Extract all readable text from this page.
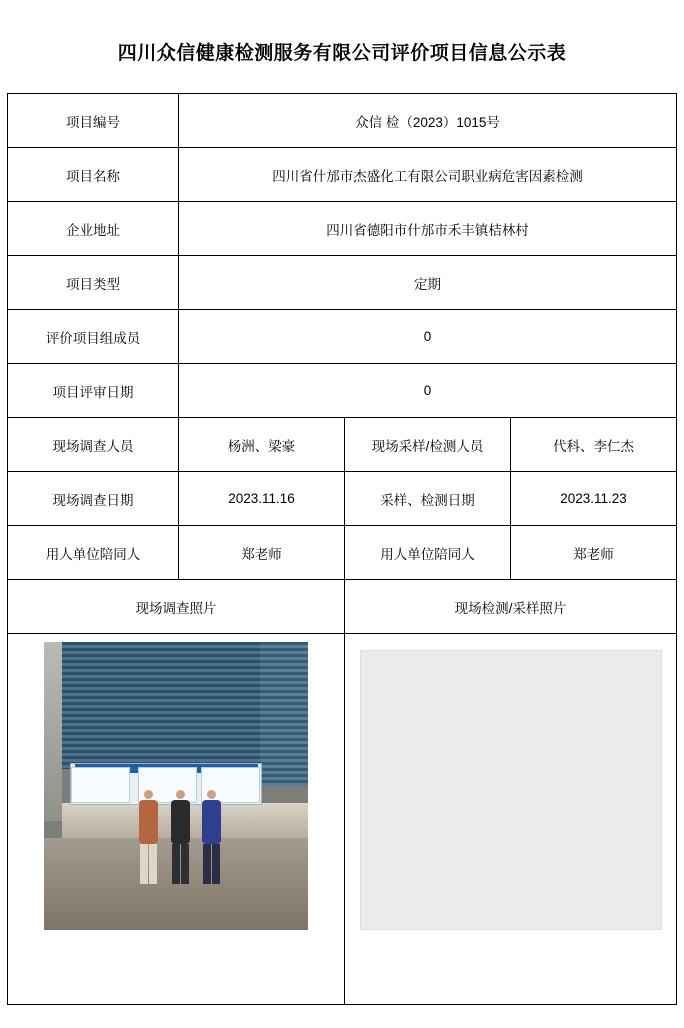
四川众信健康检测服务有限公司评价项目信息公示表
项目编号	众信 检（2023）1015号		
项目名称	四川省什邡市杰盛化工有限公司职业病危害因素检测		
企业地址	四川省德阳市什邡市禾丰镇桔林村		
项目类型	定期		
评价项目组成员	0		
项目评审日期	0		
现场调查人员	杨洲、梁豪	现场采样/检测人员	代科、李仁杰
现场调查日期	2023.11.16	采样、检测日期	2023.11.23
用人单位陪同人	郑老师	用人单位陪同人	郑老师
现场调查照片		现场检测/采样照片	
